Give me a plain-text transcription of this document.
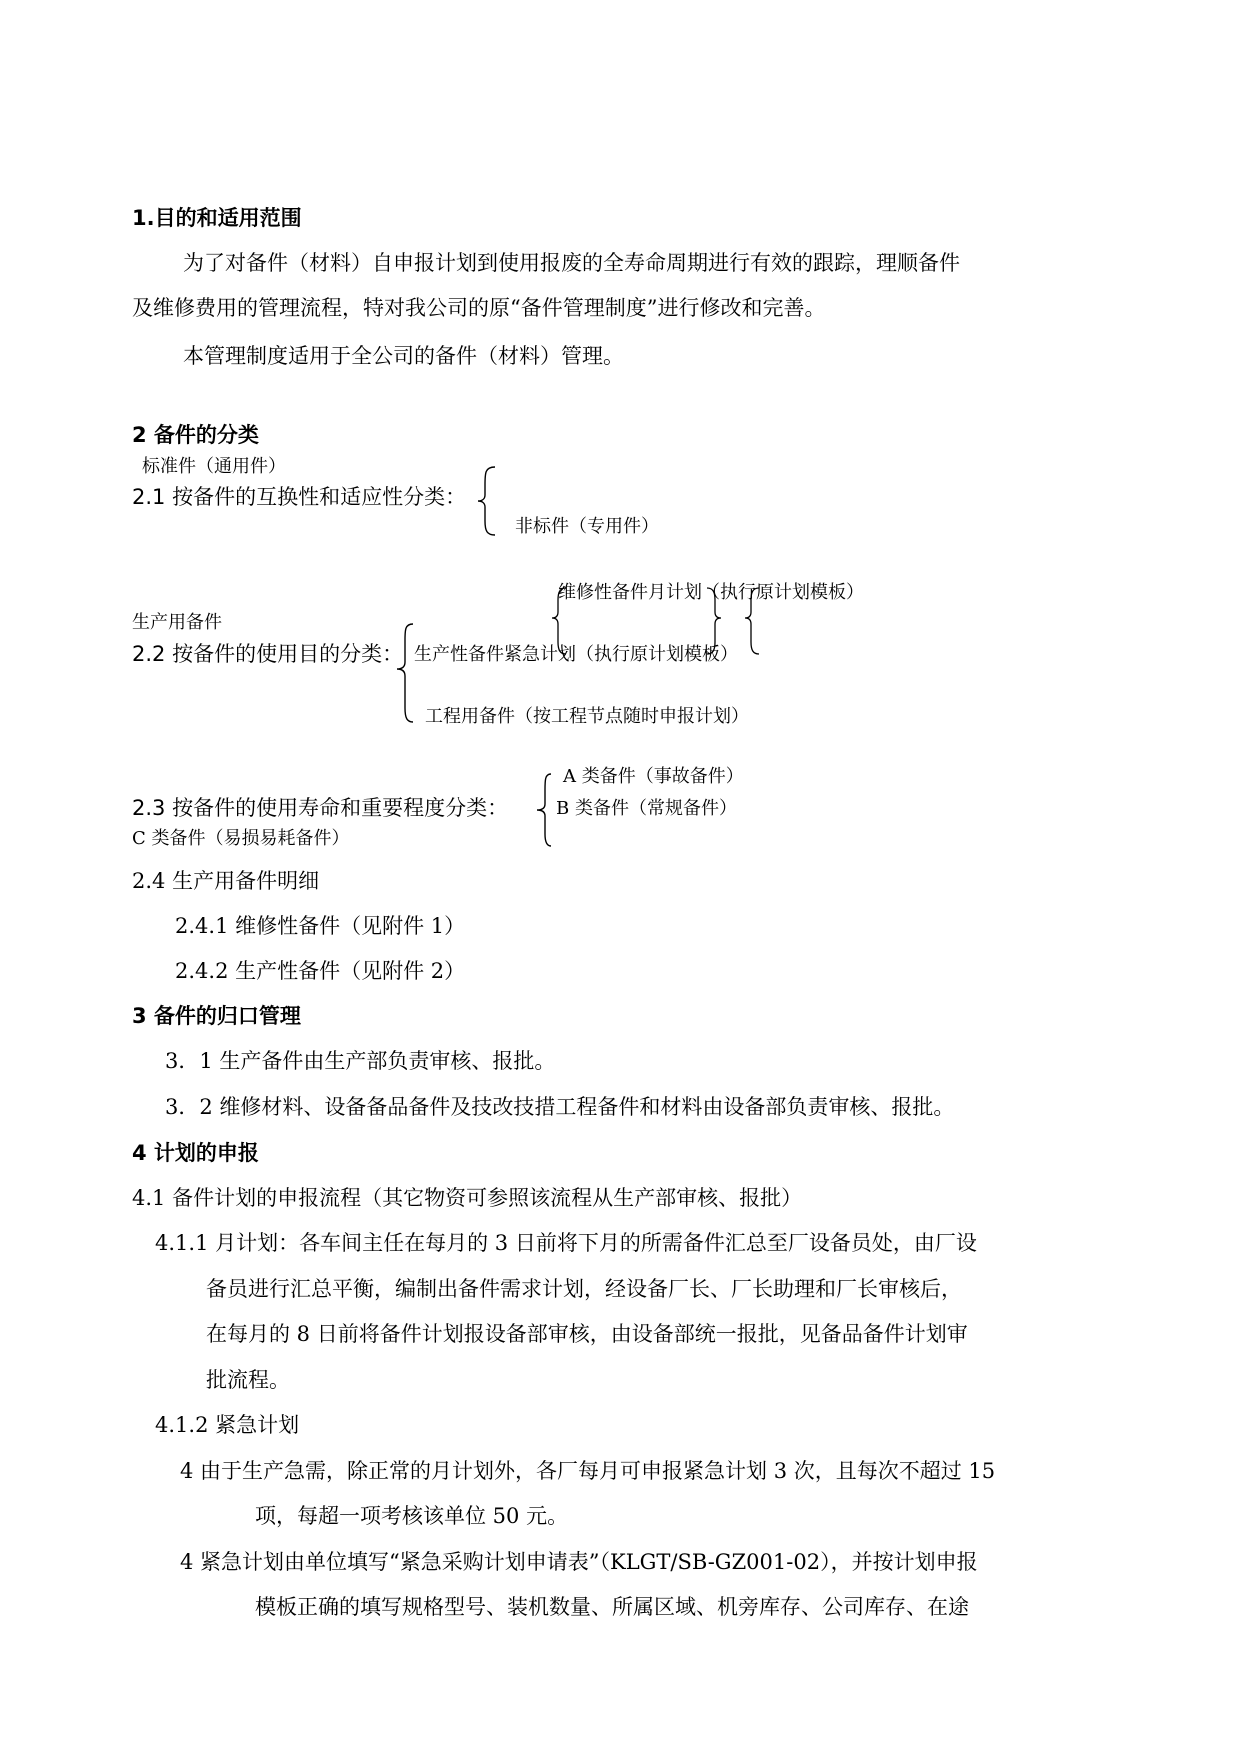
1.目的和适用范围
为了对备件（材料）自申报计划到使用报废的全寿命周期进行有效的跟踪，理顺备件
及维修费用的管理流程，特对我公司的原“备件管理制度”进行修改和完善。
本管理制度适用于全公司的备件（材料）管理。
2 备件的分类
标准件（通用件）
2.1 按备件的互换性和适应性分类：
非标件（专用件）
维修性备件月计划（执行原计划模板）
生产用备件
2.2 按备件的使用目的分类： 生产性备件紧急计划（执行原计划模板）
工程用备件（按工程节点随时申报计划）
A 类备件（事故备件）
2.3 按备件的使用寿命和重要程度分类：	B 类备件（常规备件）
C 类备件（易损易耗备件）
2.4 生产用备件明细
2.4.1 维修性备件（见附件 1）
2.4.2 生产性备件（见附件 2）
3 备件的归口管理
3．1 生产备件由生产部负责审核、报批。
3．2 维修材料、设备备品备件及技改技措工程备件和材料由设备部负责审核、报批。
4 计划的申报
4.1 备件计划的申报流程（其它物资可参照该流程从生产部审核、报批）
4.1.1 月计划：各车间主任在每月的 3 日前将下月的所需备件汇总至厂设备员处，由厂设
备员进行汇总平衡，编制出备件需求计划，经设备厂长、厂长助理和厂长审核后，
在每月的 8 日前将备件计划报设备部审核，由设备部统一报批，见备品备件计划审
批流程。
4.1.2 紧急计划
4 由于生产急需，除正常的月计划外，各厂每月可申报紧急计划 3 次，且每次不超过 15
项，每超一项考核该单位 50 元。
4 紧急计划由单位填写“紧急采购计划申请表”（KLGT/SB-GZ001-02），并按计划申报
模板正确的填写规格型号、装机数量、所属区域、机旁库存、公司库存、在途
